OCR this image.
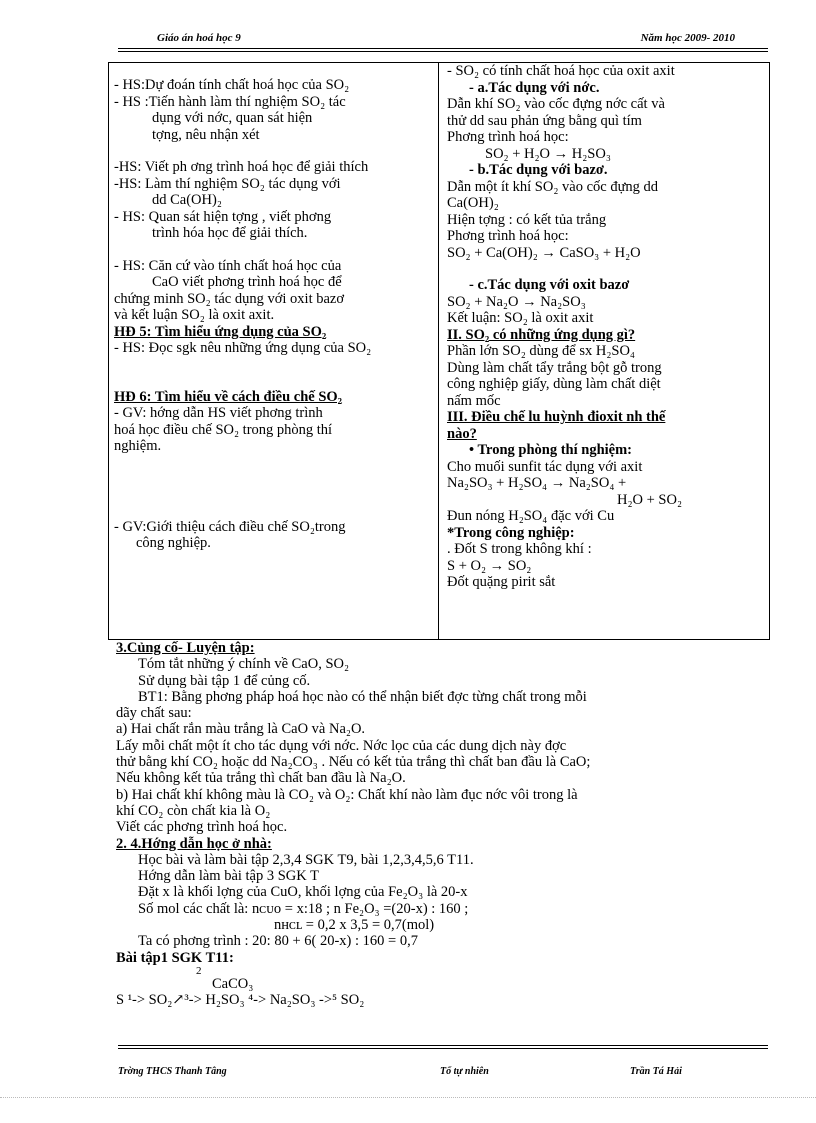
Giáo án hoá học 9	Năm học 2009- 2010

- HS:Dự đoán tính chất hoá học của SO₂

- HS :Tiến hành làm thí nghiệm SO₂ tác

dụng với nớc, quan sát hiện

tợng, nêu nhận xét

-HS: Viết ph ơng trình hoá học để giải thích

-HS: Làm thí nghiệm SO₂ tác dụng với

dd Ca(OH)₂

- HS: Quan sát hiện tợng , viết phơng

trình hóa học để giải thích.

- HS: Căn cứ vào tính chất hoá học của

CaO viết phơng trình hoá học để

chứng minh SO₂ tác dụng với oxit bazơ

và kết luận SO₂ là oxit axit.

HĐ 5: Tìm hiểu ứng dụng của SO₂

- HS: Đọc sgk nêu những ứng dụng của SO₂

HĐ 6: Tìm hiểu về cách điều chế SO₂

- GV: hớng dẫn HS viết phơng trình

hoá học điều chế SO₂ trong phòng thí

nghiệm.

- GV:Giới thiệu cách điều chế SO₂trong

công nghiệp.

- SO₂ có tính chất hoá học của oxit axit

- a.Tác dụng với nớc.

Dẫn khí SO₂ vào cốc đựng nớc cất và

thử dd sau phản ứng bằng quì tím

Phơng trình hoá học:

SO₂ + H₂O → H₂SO₃

- b.Tác dụng với bazơ.

Dẫn một ít khí SO₂ vào cốc đựng dd

Ca(OH)₂

Hiện tợng : có kết tủa trắng

Phơng trình hoá học:

SO₂ + Ca(OH)₂ → CaSO₃ + H₂O

- c.Tác dụng với oxit bazơ

SO₂ + Na₂O → Na₂SO₃

Kết luận: SO₂ là oxit axit

II. SO₂ có những ứng dụng gì?

Phần lớn SO₂ dùng để sx H₂SO₄

Dùng làm chất tẩy trắng bột gỗ trong

công nghiệp giấy, dùng làm chất diệt

nấm mốc

III. Điều chế lu huỳnh đioxit nh thế

nào?

• Trong phòng thí nghiệm:

Cho muối sunfit tác dụng với axit

Na₂SO₃ + H₂SO₄ → Na₂SO₄ +

H₂O + SO₂

Đun nóng H₂SO₄ đặc với Cu

*Trong công nghiệp:

. Đốt S trong không khí :

S + O₂ → SO₂

Đốt quặng pirit sắt

3.Củng cố- Luyện tập:

Tóm tắt những ý chính về CaO, SO₂

Sử dụng bài tập 1 để củng cố.

BT1: Bằng phơng pháp hoá học nào có thể nhận biết đợc từng chất trong mỗi

dãy chất sau:

a) Hai chất rắn màu trắng là CaO và Na₂O.

Lấy mỗi chất một ít cho tác dụng với nớc. Nớc lọc của các dung dịch này đợc

thử bằng khí CO₂ hoặc dd Na₂CO₃ . Nếu có kết tủa trắng thì chất ban đầu là CaO;

Nếu không kết tủa trắng thì chất ban đầu là Na₂O.

b) Hai chất khí không màu là CO₂ và O₂: Chất khí nào làm đục nớc vôi trong là

khí CO₂ còn chất kia là O₂

Viết các phơng trình hoá học.

2. 4.Hớng dẫn học ở nhà:

Học bài và làm bài tập 2,3,4 SGK T9, bài 1,2,3,4,5,6 T11.

Hớng dẫn làm bài tập 3 SGK T

Đặt x là khối lợng của CuO, khối lợng của Fe₂O₃ là 20-x

Số mol các chất là: nᴄᴜᴏ = x:18 ; n Fe₂O₃ =(20-x) : 160 ;

nʜᴄʟ = 0,2 x 3,5 = 0,7(mol)

Ta có phơng trình : 20: 80 + 6( 20-x) : 160 = 0,7

Bài tập1 SGK T11:

2

CaCO₃

S ¹-> SO₂↗³-> H₂SO₃ ⁴-> Na₂SO₃ ->⁵ SO₂

Trờng THCS Thanh Tâng	Tổ tự nhiên	Trần Tá Hải
